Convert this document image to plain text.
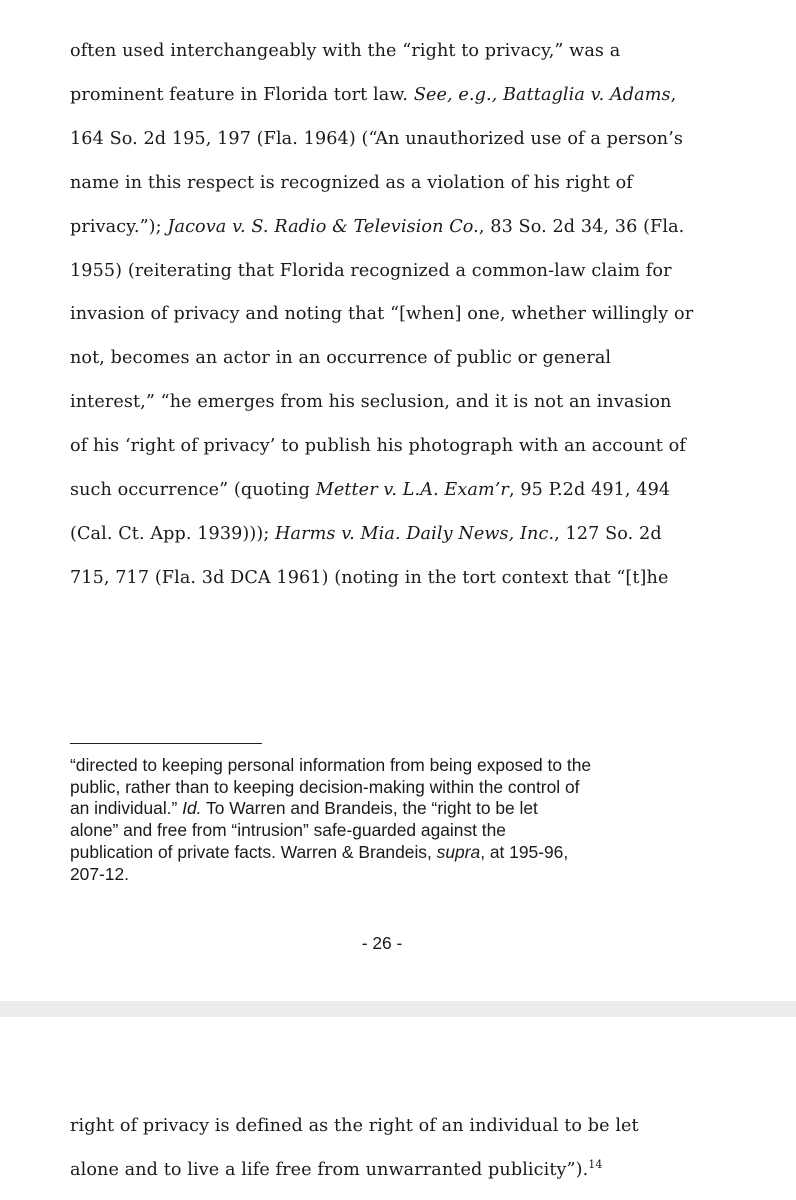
often used interchangeably with the “right to privacy,” was a
prominent feature in Florida tort law. See, e.g., Battaglia v. Adams,
164 So. 2d 195, 197 (Fla. 1964) (“An unauthorized use of a person’s
name in this respect is recognized as a violation of his right of
privacy.”); Jacova v. S. Radio & Television Co., 83 So. 2d 34, 36 (Fla.
1955) (reiterating that Florida recognized a common-law claim for
invasion of privacy and noting that “[when] one, whether willingly or
not, becomes an actor in an occurrence of public or general
interest,” “he emerges from his seclusion, and it is not an invasion
of his ‘right of privacy’ to publish his photograph with an account of
such occurrence” (quoting Metter v. L.A. Exam’r, 95 P.2d 491, 494
(Cal. Ct. App. 1939))); Harms v. Mia. Daily News, Inc., 127 So. 2d
715, 717 (Fla. 3d DCA 1961) (noting in the tort context that “[t]he
“directed to keeping personal information from being exposed to the
public, rather than to keeping decision-making within the control of
an individual.” Id. To Warren and Brandeis, the “right to be let
alone” and free from “intrusion” safe-guarded against the
publication of private facts. Warren & Brandeis, supra, at 195-96,
207-12.
- 26 -
right of privacy is defined as the right of an individual to be let
alone and to live a life free from unwarranted publicity”).$^{14}$
